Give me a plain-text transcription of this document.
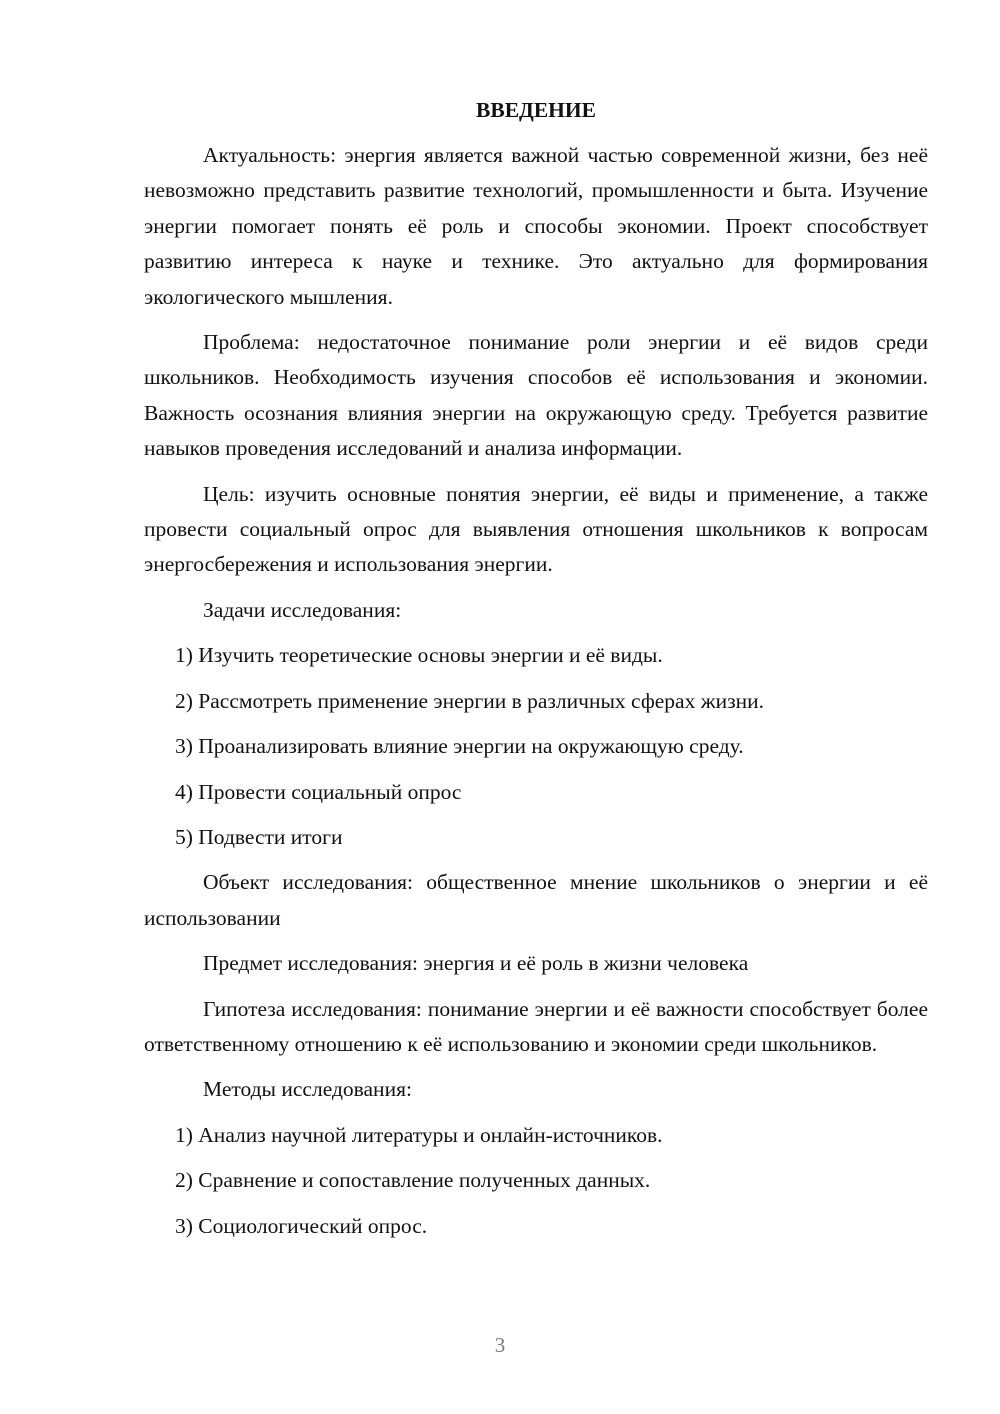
ВВЕДЕНИЕ

Актуальность: энергия является важной частью современной жизни, без неё невозможно представить развитие технологий, промышленности и быта. Изучение энергии помогает понять её роль и способы экономии. Проект способствует развитию интереса к науке и технике. Это актуально для формирования экологического мышления.

Проблема: недостаточное понимание роли энергии и её видов среди школьников. Необходимость изучения способов её использования и экономии. Важность осознания влияния энергии на окружающую среду. Требуется развитие навыков проведения исследований и анализа информации.

Цель: изучить основные понятия энергии, её виды и применение, а также провести социальный опрос для выявления отношения школьников к вопросам энергосбережения и использования энергии.

Задачи исследования:

1) Изучить теоретические основы энергии и её виды.

2) Рассмотреть применение энергии в различных сферах жизни.

3) Проанализировать влияние энергии на окружающую среду.

4) Провести социальный опрос

5) Подвести итоги

Объект исследования: общественное мнение школьников о энергии и её использовании

Предмет исследования: энергия и её роль в жизни человека

Гипотеза исследования: понимание энергии и её важности способствует более ответственному отношению к её использованию и экономии среди школьников.

Методы исследования:

1) Анализ научной литературы и онлайн-источников.

2) Сравнение и сопоставление полученных данных.

3) Социологический опрос.

3
